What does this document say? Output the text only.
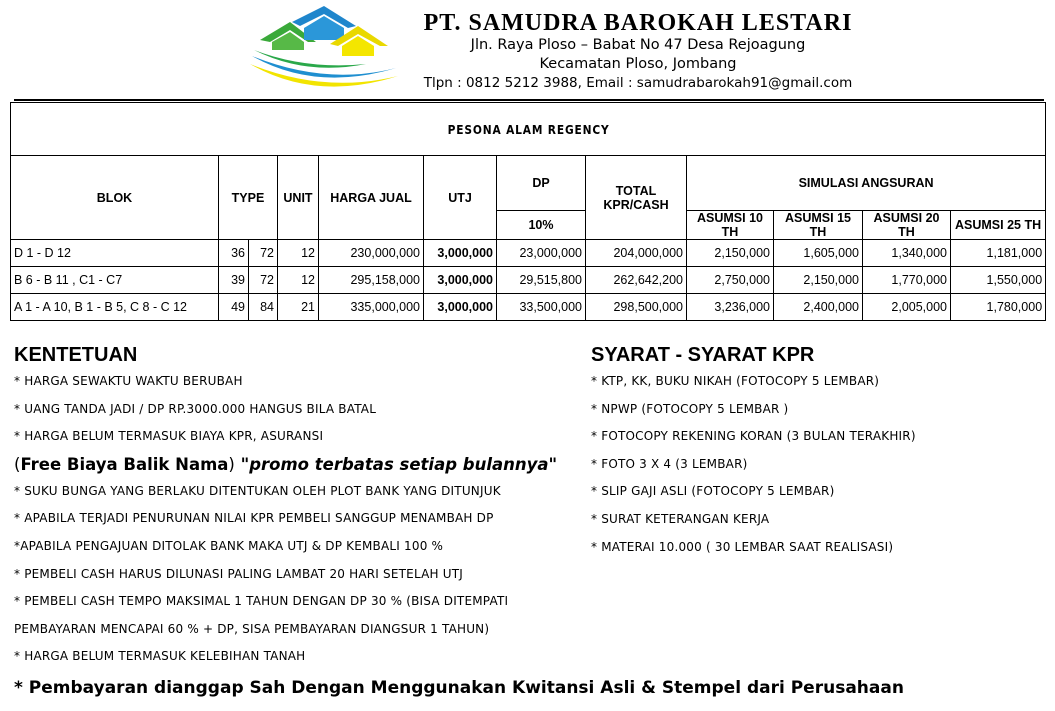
PT. SAMUDRA BAROKAH LESTARI
Jln. Raya Ploso – Babat No 47 Desa Rejoagung
Kecamatan Ploso, Jombang
Tlpn : 0812 5212 3988, Email : samudrabarokah91@gmail.com
PESONA ALAM REGENCY											
BLOK	TYPE		UNIT	HARGA JUAL	UTJ	DP	TOTAL KPR/CASH	SIMULASI ANGSURAN			
						10%		ASUMSI 10 TH	ASUMSI 15 TH	ASUMSI 20 TH	ASUMSI 25 TH
D 1 - D 12	36	72	12	230,000,000	3,000,000	23,000,000	204,000,000	2,150,000	1,605,000	1,340,000	1,181,000
B 6 - B 11 , C1 - C7	39	72	12	295,158,000	3,000,000	29,515,800	262,642,200	2,750,000	2,150,000	1,770,000	1,550,000
A 1 - A 10, B 1 - B 5, C 8 - C 12	49	84	21	335,000,000	3,000,000	33,500,000	298,500,000	3,236,000	2,400,000	2,005,000	1,780,000
KENTETUAN
* HARGA SEWAKTU WAKTU BERUBAH
* UANG TANDA JADI / DP RP.3000.000 HANGUS BILA BATAL
* HARGA BELUM TERMASUK BIAYA KPR, ASURANSI
(Free Biaya Balik Nama) "promo terbatas setiap bulannya"
* SUKU BUNGA YANG BERLAKU DITENTUKAN OLEH PLOT BANK YANG DITUNJUK
* APABILA TERJADI PENURUNAN NILAI KPR PEMBELI SANGGUP MENAMBAH DP
*APABILA PENGAJUAN DITOLAK BANK MAKA UTJ & DP KEMBALI 100 %
* PEMBELI CASH HARUS DILUNASI PALING LAMBAT 20 HARI SETELAH UTJ
* PEMBELI CASH TEMPO MAKSIMAL 1 TAHUN DENGAN DP 30 % (BISA DITEMPATI
PEMBAYARAN MENCAPAI 60 % + DP, SISA PEMBAYARAN DIANGSUR 1 TAHUN)
* HARGA BELUM TERMASUK KELEBIHAN TANAH
SYARAT - SYARAT KPR
* KTP, KK, BUKU NIKAH (FOTOCOPY 5 LEMBAR)
* NPWP (FOTOCOPY 5 LEMBAR )
* FOTOCOPY REKENING KORAN (3 BULAN TERAKHIR)
* FOTO 3 X 4 (3 LEMBAR)
* SLIP GAJI ASLI (FOTOCOPY 5 LEMBAR)
* SURAT KETERANGAN KERJA
* MATERAI 10.000 ( 30 LEMBAR SAAT REALISASI)
* Pembayaran dianggap Sah Dengan Menggunakan Kwitansi Asli & Stempel dari Perusahaan
